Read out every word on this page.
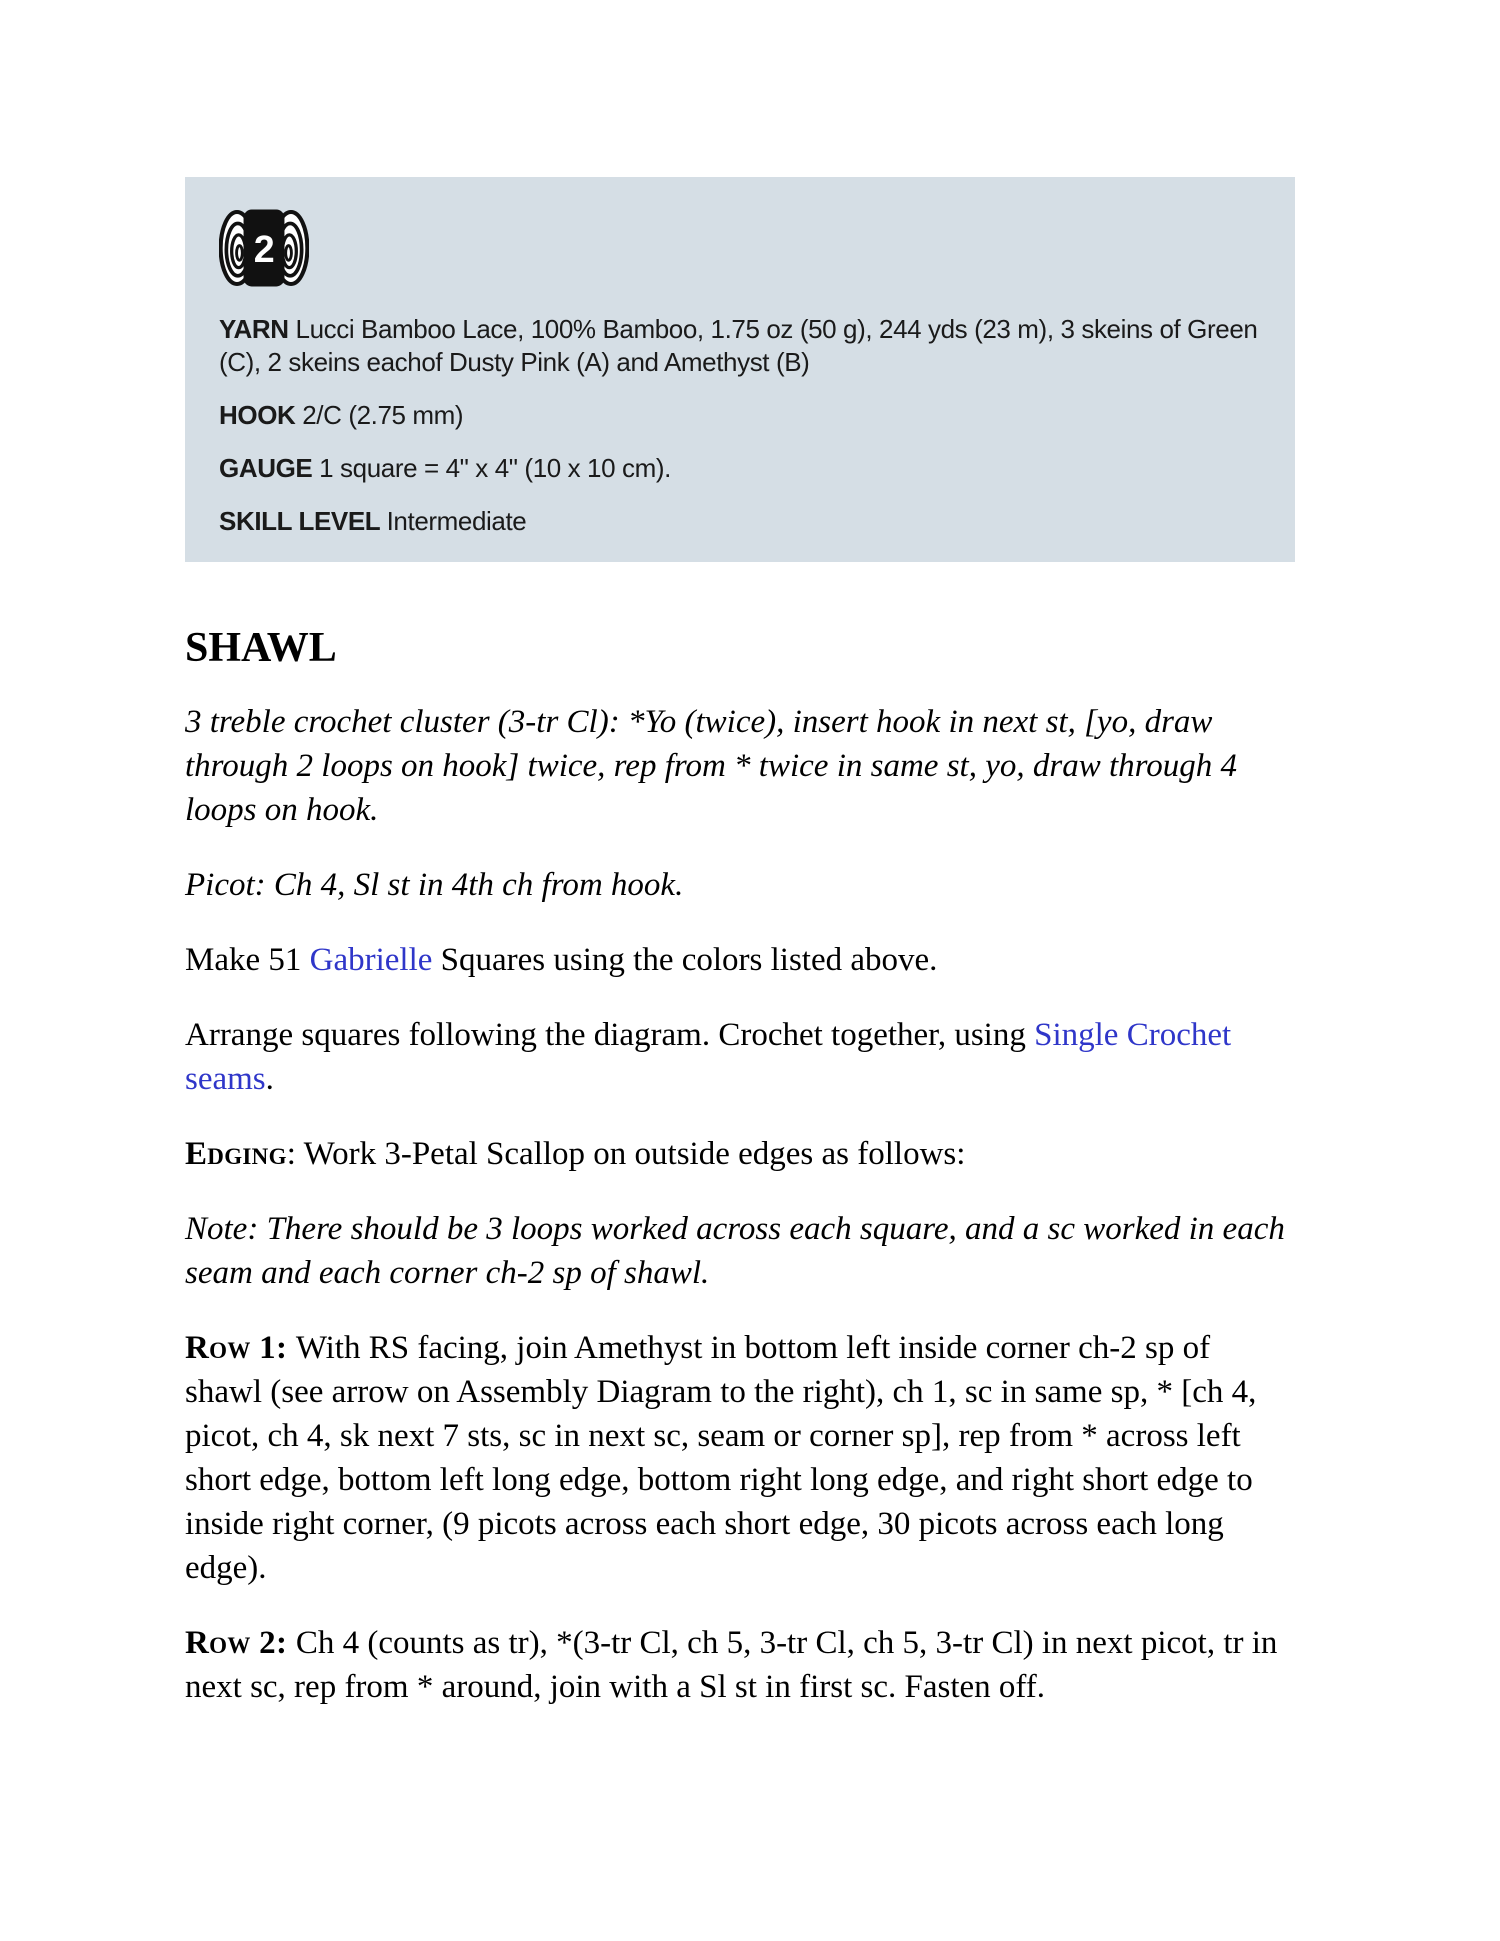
2

YARN Lucci Bamboo Lace, 100% Bamboo, 1.75 oz (50 g), 244 yds (23 m), 3 skeins of Green (C), 2 skeins eachof Dusty Pink (A) and Amethyst (B)

HOOK 2/C (2.75 mm)

GAUGE 1 square = 4" x 4" (10 x 10 cm).

SKILL LEVEL Intermediate

SHAWL

3 treble crochet cluster (3-tr Cl): *Yo (twice), insert hook in next st, [yo, draw through 2 loops on hook] twice, rep from * twice in same st, yo, draw through 4 loops on hook.

Picot: Ch 4, Sl st in 4th ch from hook.

Make 51 Gabrielle Squares using the colors listed above.

Arrange squares following the diagram. Crochet together, using Single Crochet seams.

Edging: Work 3-Petal Scallop on outside edges as follows:

Note: There should be 3 loops worked across each square, and a sc worked in each seam and each corner ch-2 sp of shawl.

Row 1: With RS facing, join Amethyst in bottom left inside corner ch-2 sp of shawl (see arrow on Assembly Diagram to the right), ch 1, sc in same sp, * [ch 4, picot, ch 4, sk next 7 sts, sc in next sc, seam or corner sp], rep from * across left short edge, bottom left long edge, bottom right long edge, and right short edge to inside right corner, (9 picots across each short edge, 30 picots across each long edge).

Row 2: Ch 4 (counts as tr), *(3-tr Cl, ch 5, 3-tr Cl, ch 5, 3-tr Cl) in next picot, tr in next sc, rep from * around, join with a Sl st in first sc. Fasten off.
